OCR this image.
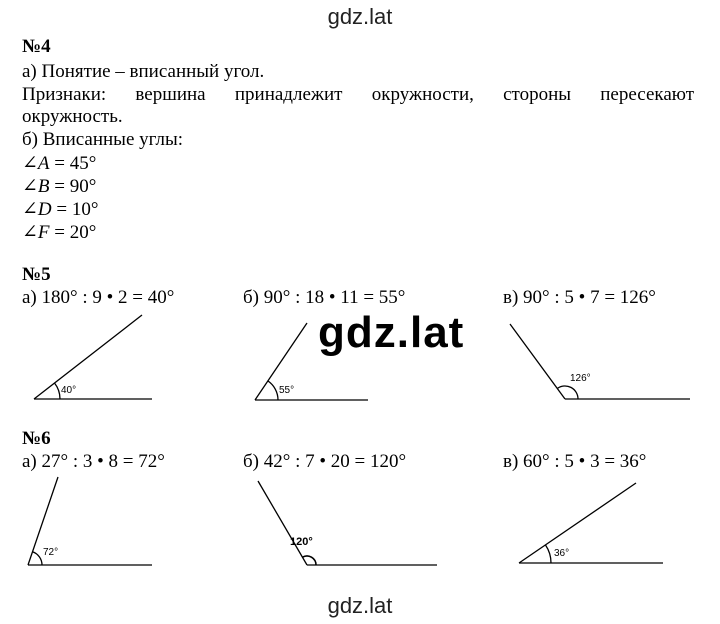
gdz.lat
gdz.lat
gdz.lat
№4
а) Понятие – вписанный угол.
Признаки: вершина принадлежит окружности, стороны пересекают
окружность.
б) Вписанные углы:
∠A = 45°
∠B = 90°
∠D = 10°
∠F = 20°
№5
а) 180° : 9 • 2 = 40°	б) 90° : 18 • 11 = 55°	в) 90° : 5 • 7 = 126°
№6
а) 27° : 3 • 8 = 72°	б) 42° : 7 • 20 = 120°	в) 60° : 5 • 3 = 36°
40°	55°
126°
72°
120°
36°
